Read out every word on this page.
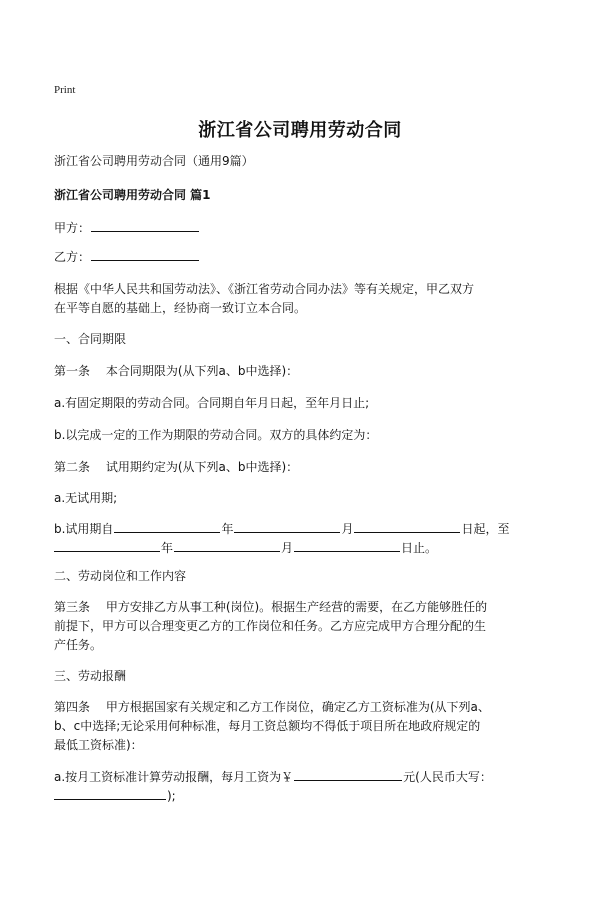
Print
浙江省公司聘用劳动合同
浙江省公司聘用劳动合同（通用9篇）
浙江省公司聘用劳动合同 篇1
甲方：
乙方：
根据《中华人民共和国劳动法》、《浙江省劳动合同办法》等有关规定，甲乙双方
在平等自愿的基础上，经协商一致订立本合同。
一、合同期限
第一条　 本合同期限为(从下列a、b中选择)：
a.有固定期限的劳动合同。合同期自年月日起，至年月日止;
b.以完成一定的工作为期限的劳动合同。双方的具体约定为：
第二条　 试用期约定为(从下列a、b中选择)：
a.无试用期;
b.试用期自	年	月	日起，至
年	月	日止。
二、劳动岗位和工作内容
第三条　 甲方安排乙方从事工种(岗位)。根据生产经营的需要，在乙方能够胜任的
前提下，甲方可以合理变更乙方的工作岗位和任务。乙方应完成甲方合理分配的生
产任务。
三、劳动报酬
第四条　 甲方根据国家有关规定和乙方工作岗位，确定乙方工资标准为(从下列a、
b、c中选择;无论采用何种标准，每月工资总额均不得低于项目所在地政府规定的
最低工资标准)：
a.按月工资标准计算劳动报酬，每月工资为￥	元(人民币大写：
);
